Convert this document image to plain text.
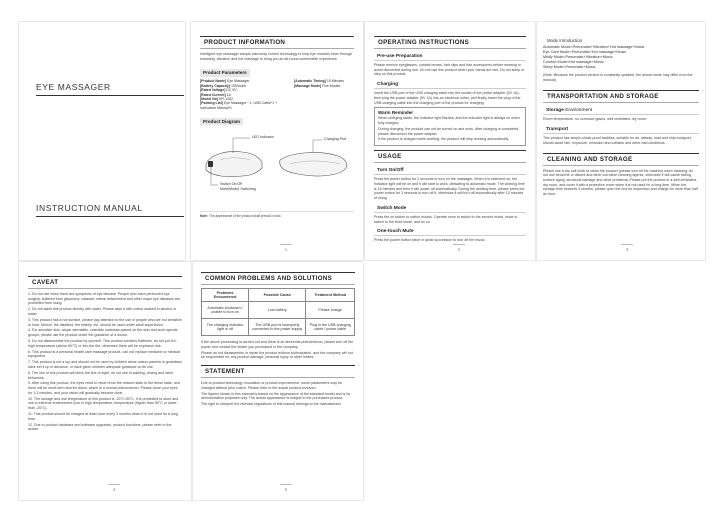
EYE MASSAGER
INSTRUCTION MANUAL
PRODUCT INFORMATION
Intelligent eye massager adopts microchip control technology to help eye muscles relax through kneading, vibration and hot massage to bring you an all-round comfortable experience.
Product Parameters
[Product Name] Eye Massager
[Battery Capacity] 1500mAh
[Rated Voltage] DC 5V
[Rated Current] 1A
[Model No] KR-1302
[Packing List] Eye Massager * 1, USB Cable*1 + Instruction Manual*1
[Automatic Timing] 15 Minutes
[Massage Mode] Five Modes
Product Diagram
LED Indicator	Charging Port
Switch On/Off
Mute(Mode) Switching
Note: The appearance of the product shall prevail in kind.
1
OPERATING INSTRUCTIONS
Pre-use Preparation
Please remove eyeglasses, contact lenses, hair clips and hair accessories before wearing to avoid discomfort during use. Do not use this product when your hands are wet. Do not sleep or step on this product.
Charging
Insert the USB port of the USB charging cable into the socket of the power adapter (5V 1A), then plug the power adapter (5V 1A) into an electrical outlet, and finally insert the plug of the USB charging cable into the charging port of the product for charging.
Warm Reminder

When charging starts, the indicator light flashes, and the indicator light is always on when fully charged.

During charging, the product can not be turned on and work. After charging is completed, please disconnect the power adapter.

If the product is charged while working, the product will stop working automatically.

USAGE
Turn On/Off
Press the power button for 2 seconds to turn on the massager. When it is switched on, the indicator light will be on and it will start to work, defaulting to automatic mode. The working time is 15 minutes and then it will power off automatically. During the working time, please press the power button for 2 seconds to turn off it, otherwise it will turn off automatically after 15 minutes of using.
Switch Mode
Press the on button to switch modes. Operate once to switch to the second mode, twice to switch to the third mode, and so on.
One-touch Mute
Press the power button twice in quick succession to turn off the music.
2
Mode Introduction
Automatic Mode=Pneumatic+Vibration+Hot massage+Music
Eye Care Mode=Pneumatic+Hot massage+Music
Mildly Mode=Pneumatic+Vibration+Music
Comfort Mode=Hot massage+Music
Sleep Mode=Pneumatic+Music
(Note: Because the product version is constantly updated, the actual mode may differ from the manual)
TRANSPORTATION AND STORAGE
Storage Environment
Room temperature, no corrosive gases, well ventilated, dry room.
Transport
This product has simple shock-proof facilities, suitable for air, railway, road and ship transport, should avoid rain, exposure, extrusion and collision and other bad conditions.
CLEANING AND STORAGE
Please use a dry soft cloth to clean the product (please turn off the machine when cleaning, do not use benzene or diluent and other corrosive cleaning agents, otherwise it will cause fading, surface aging, structural damage and other problems) Please put the product in a well-ventilated, dry room, and cover it with a protective cover when it is not used for a long time. When the storage time exceeds 3 months, please open the box for inspection and charge for more than half an hour.
3
CAVEAT

1. Do not use when there are symptoms of eye disease. People who have performed eye surgery, suffered from glaucoma, cataract, retinal detachment and other major eye diseases are prohibited from using.

2. Do not wash this product directly with water. Please wipe it with cotton soaked in alcohol or water.

3. This product has a hot surface, please pay attention to the use of people who are not sensitive to heat. Minors, the disabled, the elderly, etc. should be used under adult supervision.

4. For sensitive skin, atopic dermatitis, cosmetic materials placed on the skin and such special groups, please use the product under the guidance of a doctor.

5. Do not disassemble the product by yourself. This product contains batteries, do not put it in high temperature (above 60°C) or into the fire, otherwise there will be explosion risk.

6. This product is a personal health care massage product, can not replace medicine or medical equipment.

7. This product is not a toy and should not be used by children alone unless parents or guardians have set it up in advance, or have given children adequate guidance on its use.

8. The use of this product will block the line of sight, do not use in walking, driving and other behaviors.

9. After using this product, the eyes need to return from the relaxed state to the tense state, and there will be short-term blurred vision, which is a normal phenomenon. Please close your eyes for 1-3 minutes, and your vision will gradually become clear.

10. The storage and use temperature of this product is -20°C-50°C. It is prohibited to store and use in extreme environment (low or high temperature; temperature (higher than 50°C or lower than -20°C).

11. This product should be charged at least once every 3 months when it is not used for a long time.

12. Due to product hardware and software upgrades, product functions, please refer to the actual.

4
COMMON PROBLEMS AND SOLUTIONS
Problems Encountered	Possible Cause	Treatment Method
Automatic shutdown / unable to turn on	Low battery	Please charge
The charging indicator light is off	The USB port is improperly connected to the power supply	Plug in the USB charging cable / power cable

If the above processing is carried out and there is an abnormal phenomenon, please turn off the power and contact the dealer you purchased or the company.

Please do not disassemble or repair the product without authorization, and the company will not be responsible for any product damage, personal injury or other losses.

STATEMENT

Due to product technology innovation or product improvement, some parameters may be changed without prior notice. Please refer to the actual product received.

The figures shown in this manual is based on the appearance of the standard model and is for demonstration purposes only. The actual appearance is subject to the purchased product.

The right to interpret the relevant regulations of this manual belongs to the manufacturer.

5
